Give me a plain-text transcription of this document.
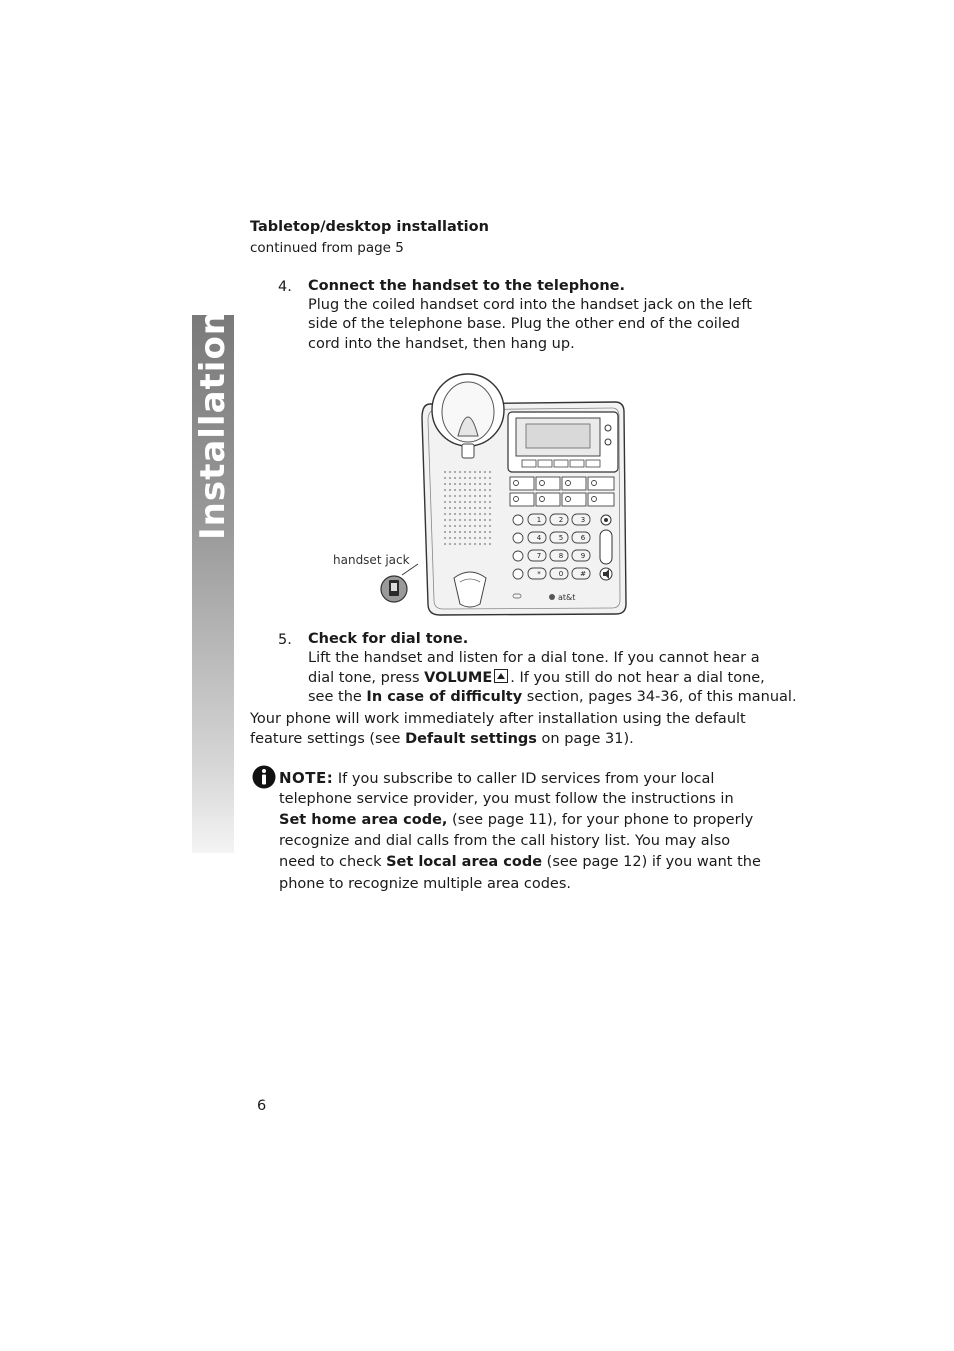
Installation
Tabletop/desktop installation
continued from page 5
4. Connect the handset to the telephone.
Plug the coiled handset cord into the handset jack on the left
side of the telephone base. Plug the other end of the coiled
cord into the handset, then hang up.
1	2	3
4	5	6
7	8	9
*	0 #
at&t
handset jack
5. Check for dial tone.
Lift the handset and listen for a dial tone. If you cannot hear a
dial tone, press VOLUME . If you still do not hear a dial tone,
see the In case of difficulty section, pages 34-36, of this manual.
Your phone will work immediately after installation using the default
feature settings (see Default settings on page 31).
NOTE: If you subscribe to caller ID services from your local
telephone service provider, you must follow the instructions in
Set home area code, (see page 11), for your phone to properly
recognize and dial calls from the call history list. You may also
need to check Set local area code (see page 12) if you want the
phone to recognize multiple area codes.
6
